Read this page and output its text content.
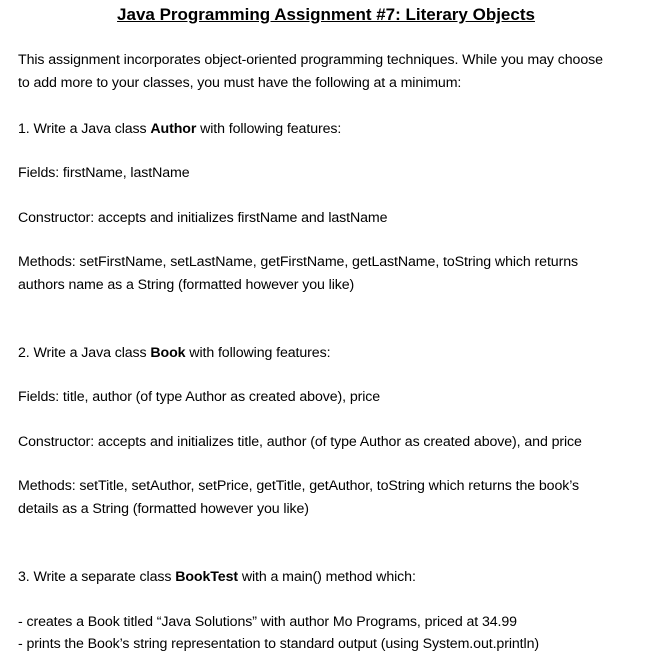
Java Programming Assignment #7: Literary Objects
This assignment incorporates object-oriented programming techniques. While you may choose
to add more to your classes, you must have the following at a minimum:
1. Write a Java class Author with following features:
Fields: firstName, lastName
Constructor: accepts and initializes firstName and lastName
Methods: setFirstName, setLastName, getFirstName, getLastName, toString which returns
authors name as a String (formatted however you like)
2. Write a Java class Book with following features:
Fields: title, author (of type Author as created above), price
Constructor: accepts and initializes title, author (of type Author as created above), and price
Methods: setTitle, setAuthor, setPrice, getTitle, getAuthor, toString which returns the book’s
details as a String (formatted however you like)
3. Write a separate class BookTest with a main() method which:
- creates a Book titled “Java Solutions” with author Mo Programs, priced at 34.99
- prints the Book’s string representation to standard output (using System.out.println)
